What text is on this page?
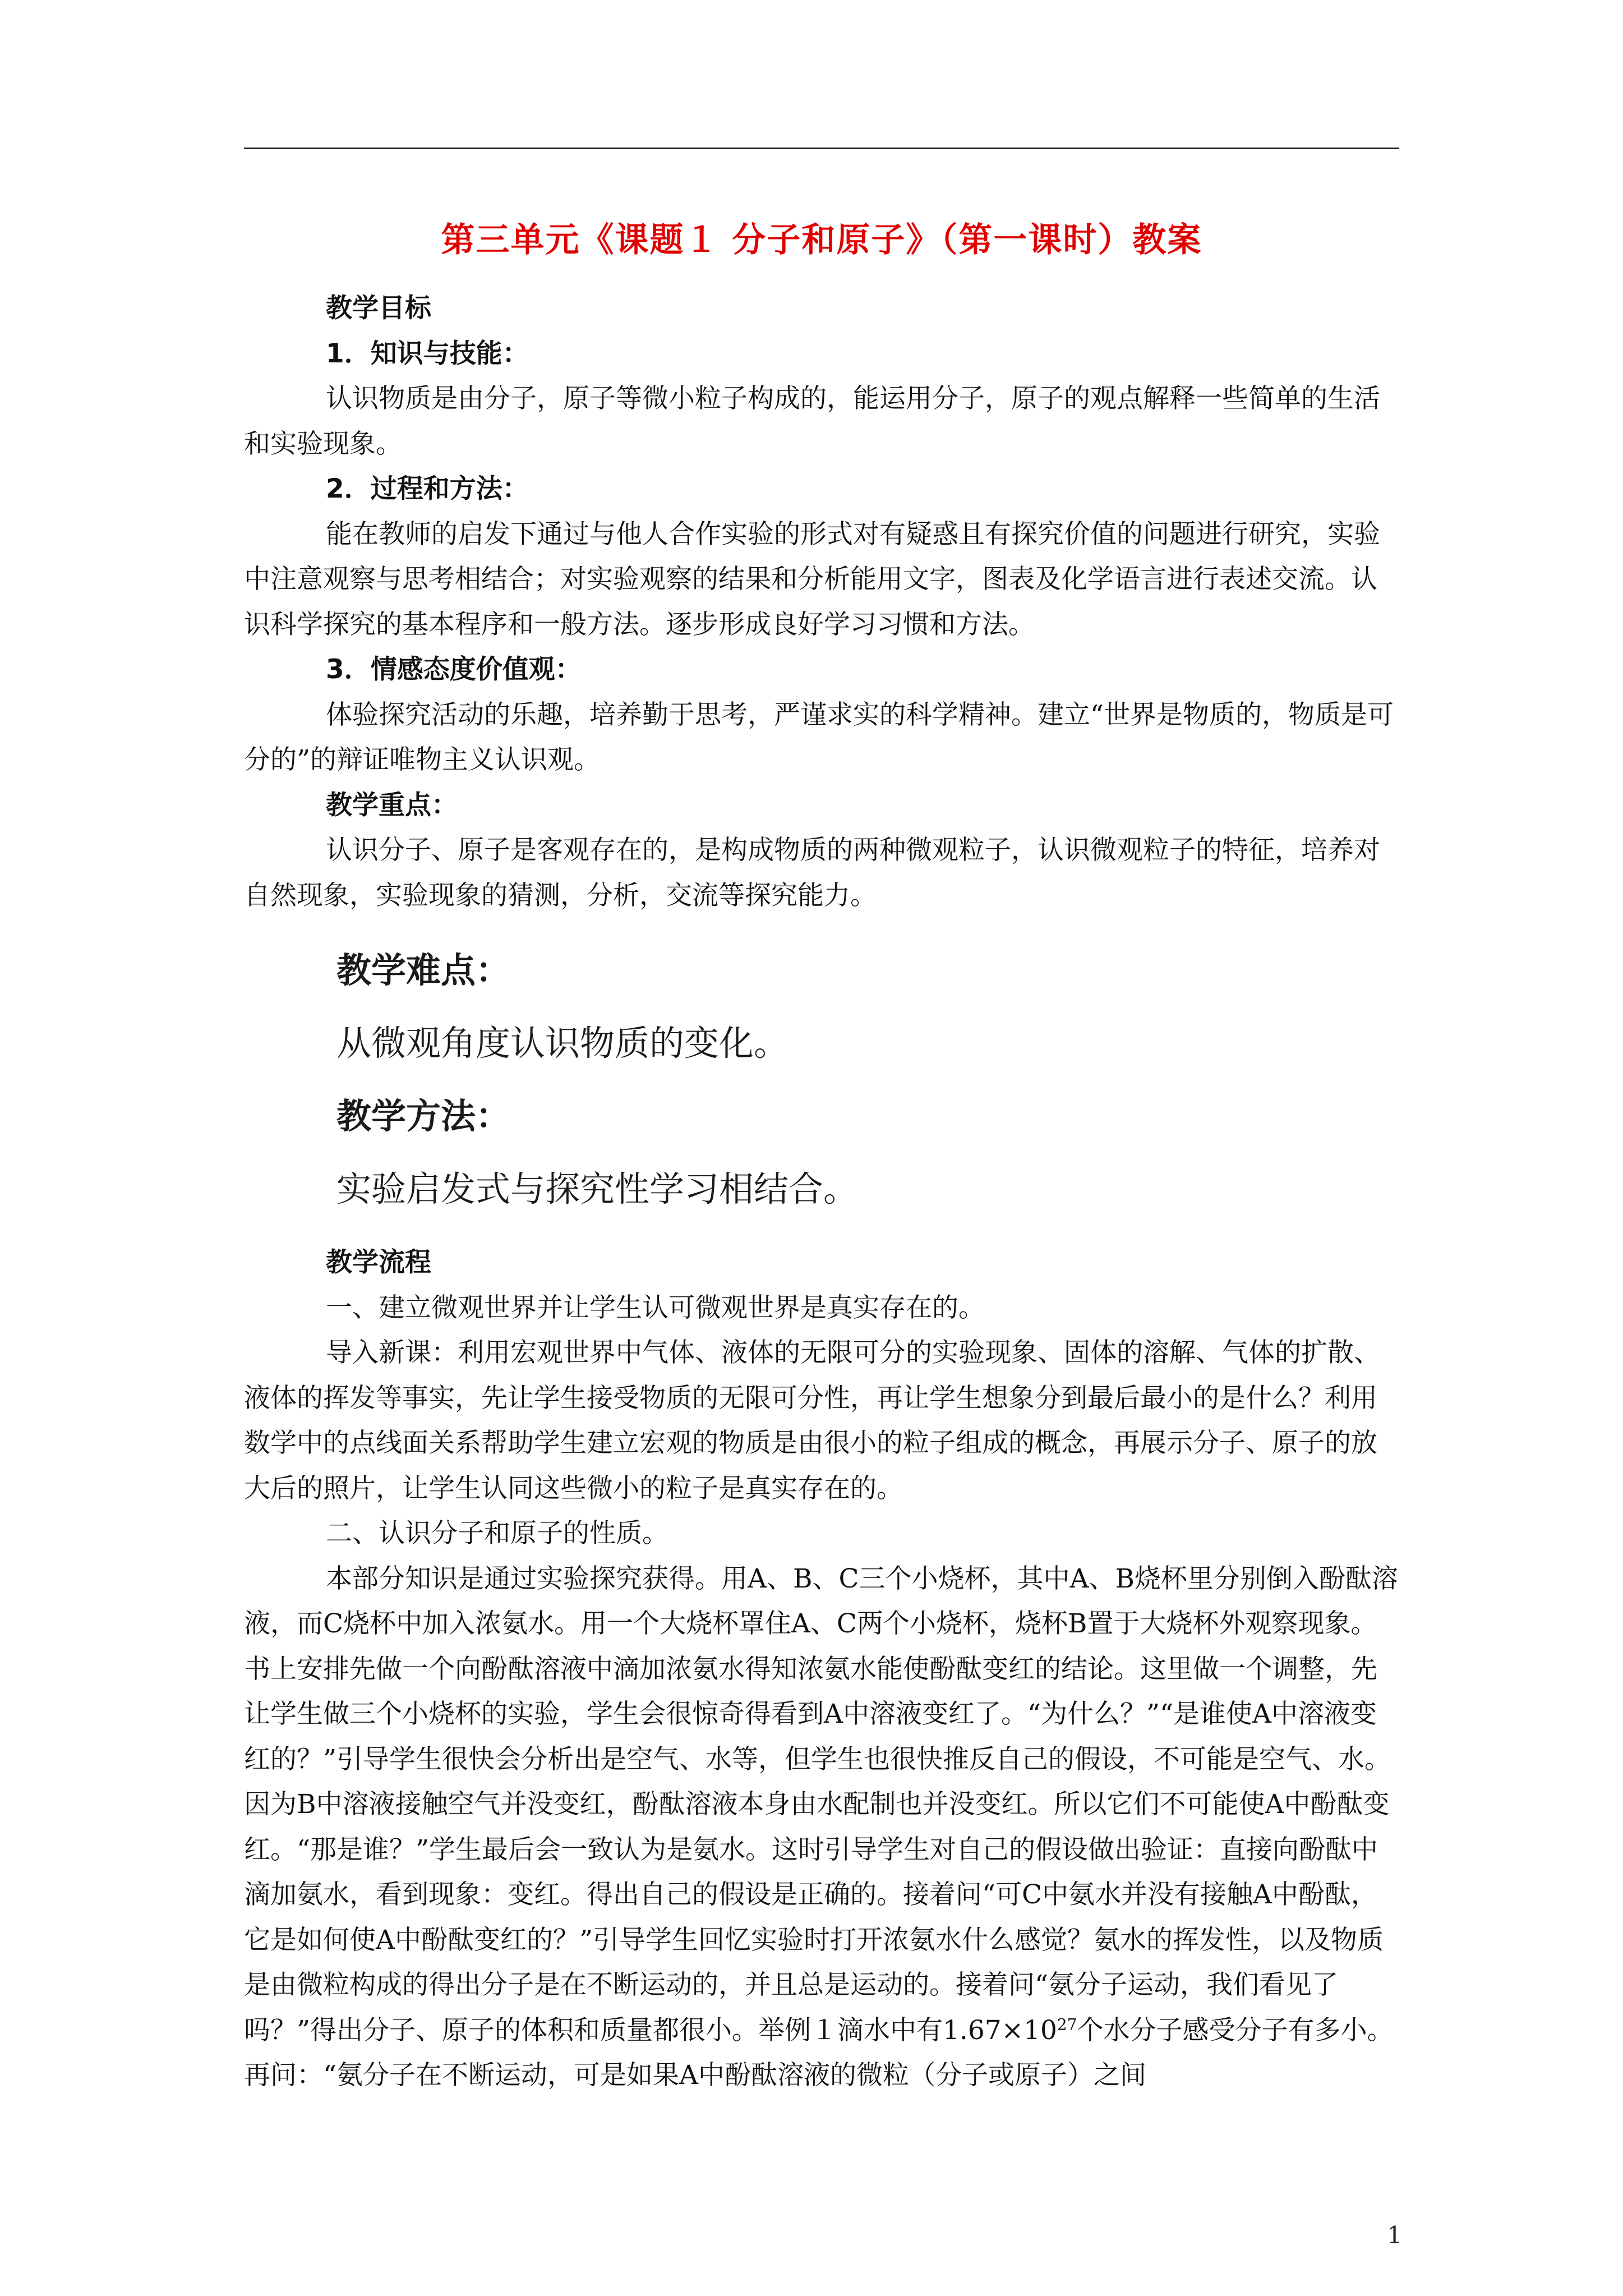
第三单元《课题１ 分子和原子》（第一课时）教案

教学目标

1．知识与技能：

认识物质是由分子，原子等微小粒子构成的，能运用分子，原子的观点解释一些简单的生活和实验现象。

2．过程和方法：

能在教师的启发下通过与他人合作实验的形式对有疑惑且有探究价值的问题进行研究，实验中注意观察与思考相结合；对实验观察的结果和分析能用文字，图表及化学语言进行表述交流。认识科学探究的基本程序和一般方法。逐步形成良好学习习惯和方法。

3．情感态度价值观：

体验探究活动的乐趣，培养勤于思考，严谨求实的科学精神。建立“世界是物质的，物质是可分的”的辩证唯物主义认识观。

教学重点：

认识分子、原子是客观存在的，是构成物质的两种微观粒子，认识微观粒子的特征，培养对自然现象，实验现象的猜测，分析，交流等探究能力。

教学难点：
从微观角度认识物质的变化。
教学方法：
实验启发式与探究性学习相结合。

教学流程

一、建立微观世界并让学生认可微观世界是真实存在的。

导入新课：利用宏观世界中气体、液体的无限可分的实验现象、固体的溶解、气体的扩散、液体的挥发等事实，先让学生接受物质的无限可分性，再让学生想象分到最后最小的是什么？利用数学中的点线面关系帮助学生建立宏观的物质是由很小的粒子组成的概念，再展示分子、原子的放大后的照片，让学生认同这些微小的粒子是真实存在的。

二、认识分子和原子的性质。

本部分知识是通过实验探究获得。用A、B、C三个小烧杯，其中A、B烧杯里分别倒入酚酞溶液，而C烧杯中加入浓氨水。用一个大烧杯罩住A、C两个小烧杯，烧杯B置于大烧杯外观察现象。书上安排先做一个向酚酞溶液中滴加浓氨水得知浓氨水能使酚酞变红的结论。这里做一个调整，先让学生做三个小烧杯的实验，学生会很惊奇得看到A中溶液变红了。“为什么？”“是谁使A中溶液变红的？”引导学生很快会分析出是空气、水等，但学生也很快推反自己的假设，不可能是空气、水。因为B中溶液接触空气并没变红，酚酞溶液本身由水配制也并没变红。所以它们不可能使A中酚酞变红。“那是谁？”学生最后会一致认为是氨水。这时引导学生对自己的假设做出验证：直接向酚酞中滴加氨水，看到现象：变红。得出自己的假设是正确的。接着问“可C中氨水并没有接触A中酚酞，它是如何使A中酚酞变红的？”引导学生回忆实验时打开浓氨水什么感觉？氨水的挥发性，以及物质是由微粒构成的得出分子是在不断运动的，并且总是运动的。接着问“氨分子运动，我们看见了吗？”得出分子、原子的体积和质量都很小。举例１滴水中有$1.67\times 10^{27}$个水分子感受分子有多小。再问：“氨分子在不断运动，可是如果A中酚酞溶液的微粒（分子或原子）之间

1
